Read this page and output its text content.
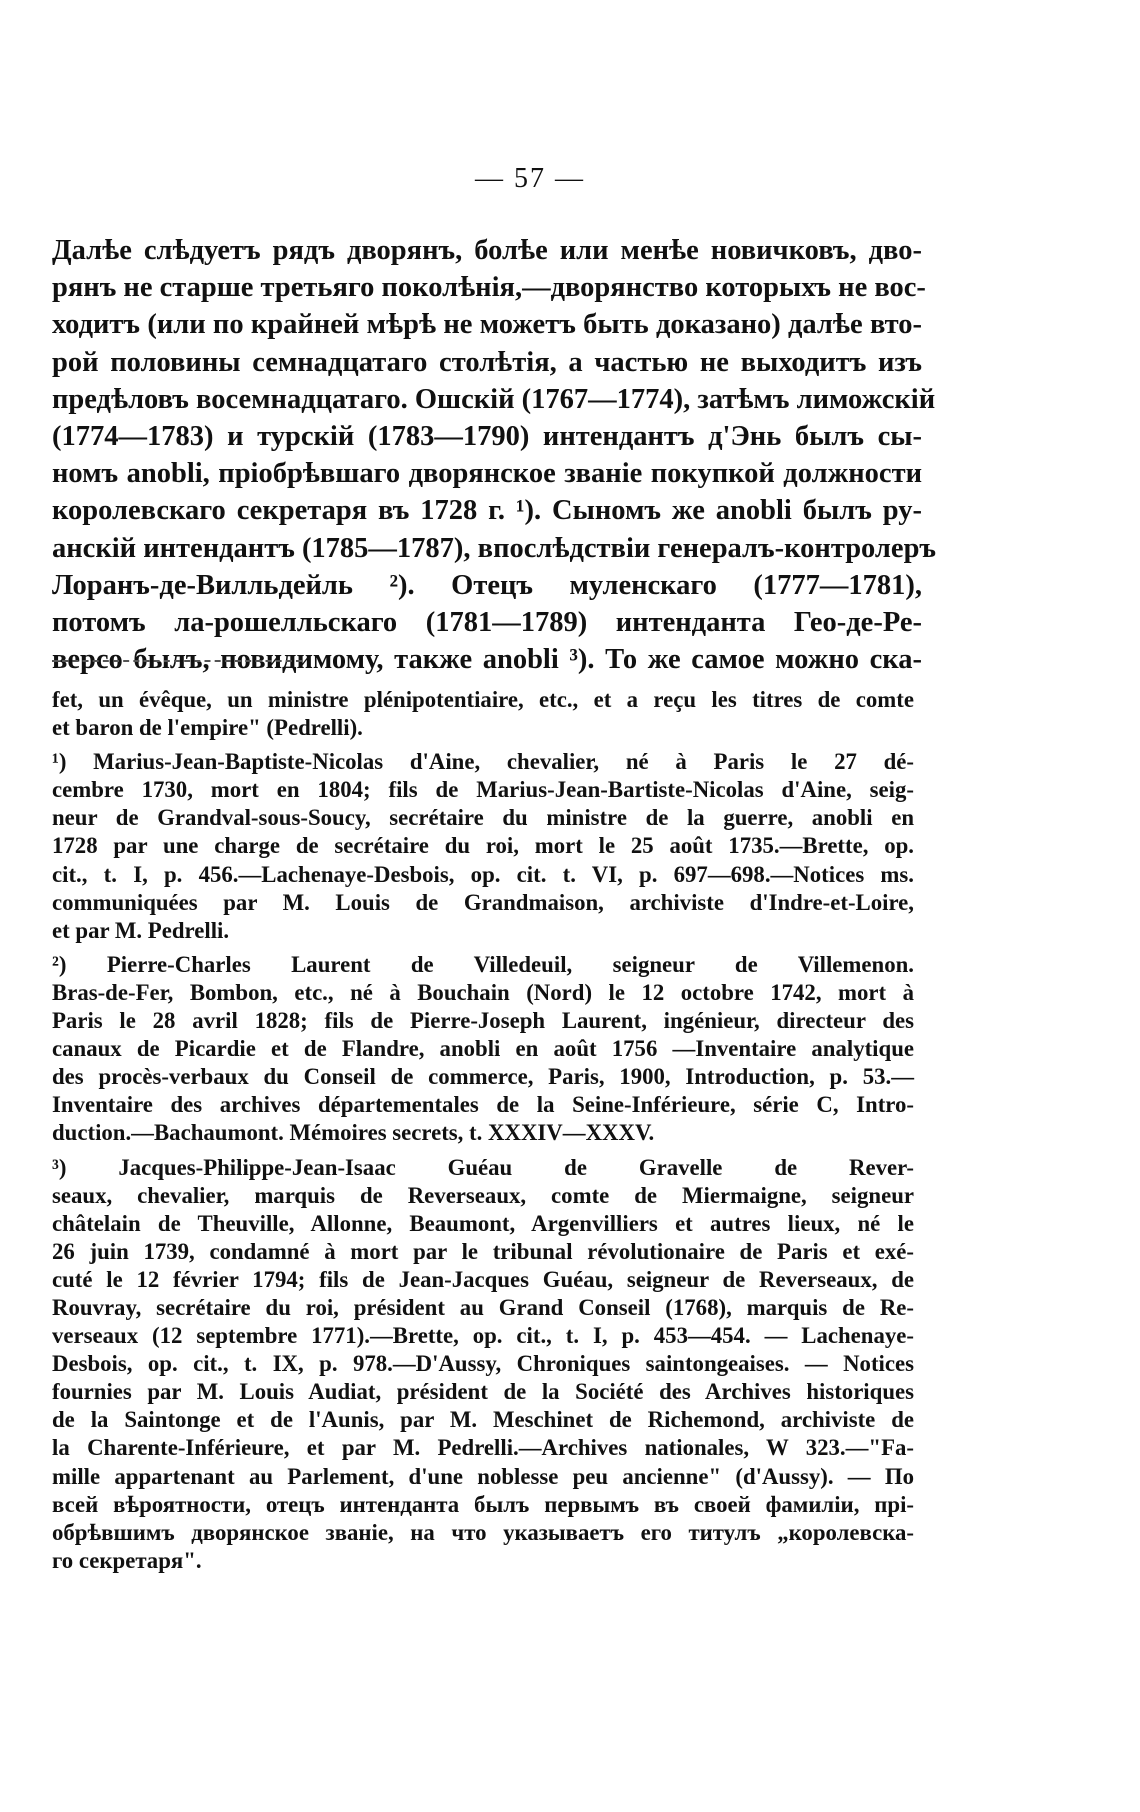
— 57 —
Далѣе слѣдуетъ рядъ дворянъ, болѣе или менѣе новичковъ, дво-
рянъ не старше третьяго поколѣнія,—дворянство которыхъ не вос-
ходитъ (или по крайней мѣрѣ не можетъ быть доказано) далѣе вто-
рой половины семнадцатаго столѣтія, а частью не выходитъ изъ
предѣловъ восемнадцатаго. Ошскій (1767—1774), затѣмъ лиможскій
(1774—1783) и турскій (1783—1790) интендантъ д'Энь былъ сы-
номъ anobli, пріобрѣвшаго дворянское званіе покупкой должности
королевскаго секретаря въ 1728 г. ¹). Сыномъ же anobli былъ ру-
анскій интендантъ (1785—1787), впослѣдствіи генералъ-контролеръ
Лоранъ-де-Вилльдейль ²). Отецъ муленскаго (1777—1781),
потомъ ла-рошелльскаго (1781—1789) интенданта Гео-де-Ре-
версо былъ, повидимому, также anobli ³). То же самое можно ска-
fet, un évêque, un ministre plénipotentiaire, etc., et a reçu les titres de comte
et baron de l'empire" (Pedrelli).
¹) Marius-Jean-Baptiste-Nicolas d'Aine, chevalier, né à Paris le 27 dé-
cembre 1730, mort en 1804; fils de Marius-Jean-Bartiste-Nicolas d'Aine, seig-
neur de Grandval-sous-Soucy, secrétaire du ministre de la guerre, anobli en
1728 par une charge de secrétaire du roi, mort le 25 août 1735.—Brette, op.
cit., t. I, p. 456.—Lachenaye-Desbois, op. cit. t. VI, p. 697—698.—Notices ms.
communiquées par M. Louis de Grandmaison, archiviste d'Indre-et-Loire,
et par M. Pedrelli.
²) Pierre-Charles Laurent de Villedeuil, seigneur de Villemenon.
Bras-de-Fer, Bombon, etc., né à Bouchain (Nord) le 12 octobre 1742, mort à
Paris le 28 avril 1828; fils de Pierre-Joseph Laurent, ingénieur, directeur des
canaux de Picardie et de Flandre, anobli en août 1756 —Inventaire analytique
des procès-verbaux du Conseil de commerce, Paris, 1900, Introduction, p. 53.—
Inventaire des archives départementales de la Seine-Inférieure, série C, Intro-
duction.—Bachaumont. Mémoires secrets, t. XXXIV—XXXV.
³) Jacques-Philippe-Jean-Isaac Guéau de Gravelle de Rever-
seaux, chevalier, marquis de Reverseaux, comte de Miermaigne, seigneur
châtelain de Theuville, Allonne, Beaumont, Argenvilliers et autres lieux, né le
26 juin 1739, condamné à mort par le tribunal révolutionaire de Paris et exé-
cuté le 12 février 1794; fils de Jean-Jacques Guéau, seigneur de Reverseaux, de
Rouvray, secrétaire du roi, président au Grand Conseil (1768), marquis de Re-
verseaux (12 septembre 1771).—Brette, op. cit., t. I, p. 453—454. — Lachenaye-
Desbois, op. cit., t. IX, p. 978.—D'Aussy, Chroniques saintongeaises. — Notices
fournies par M. Louis Audiat, président de la Société des Archives historiques
de la Saintonge et de l'Aunis, par M. Meschinet de Richemond, archiviste de
la Charente-Inférieure, et par M. Pedrelli.—Archives nationales, W 323.—"Fa-
mille appartenant au Parlement, d'une noblesse peu ancienne" (d'Aussy). — По
всей вѣроятности, отецъ интенданта былъ первымъ въ своей фамиліи, прі-
обрѣвшимъ дворянское званіе, на что указываетъ его титулъ „королевска-
го секретаря".
